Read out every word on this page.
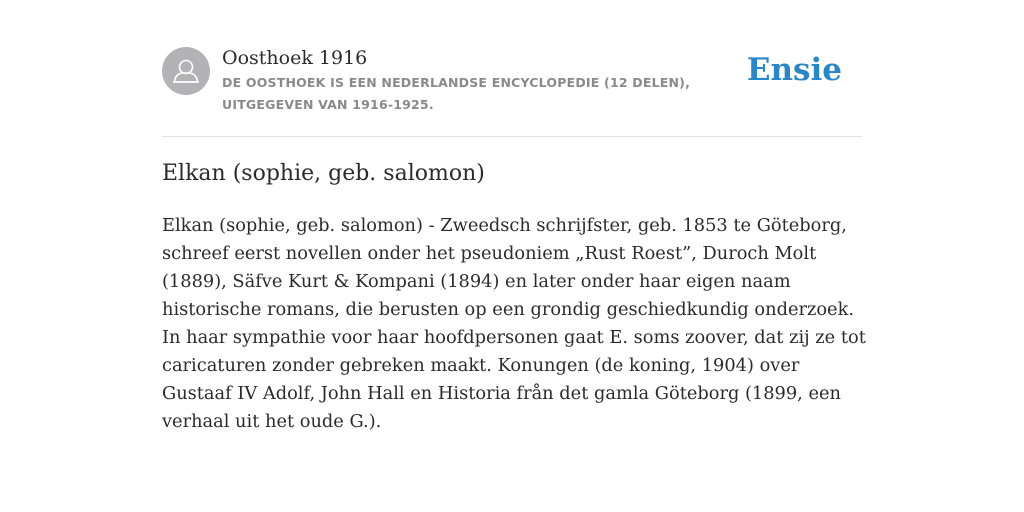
Oosthoek 1916

DE OOSTHOEK IS EEN NEDERLANDSE ENCYCLOPEDIE (12 DELEN), UITGEGEVEN VAN 1916-1925.

Ensie
Elkan (sophie, geb. salomon)

Elkan (sophie, geb. salomon) - Zweedsch schrijfster, geb. 1853 te Göteborg, schreef eerst novellen onder het pseudoniem „Rust Roest”, Duroch Molt (1889), Säfve Kurt & Kompani (1894) en later onder haar eigen naam historische romans, die berusten op een grondig geschiedkundig onderzoek. In haar sympathie voor haar hoofdpersonen gaat E. soms zoover, dat zij ze tot caricaturen zonder gebreken maakt. Konungen (de koning, 1904) over Gustaaf IV Adolf, John Hall en Historia från det gamla Göteborg (1899, een verhaal uit het oude G.).
